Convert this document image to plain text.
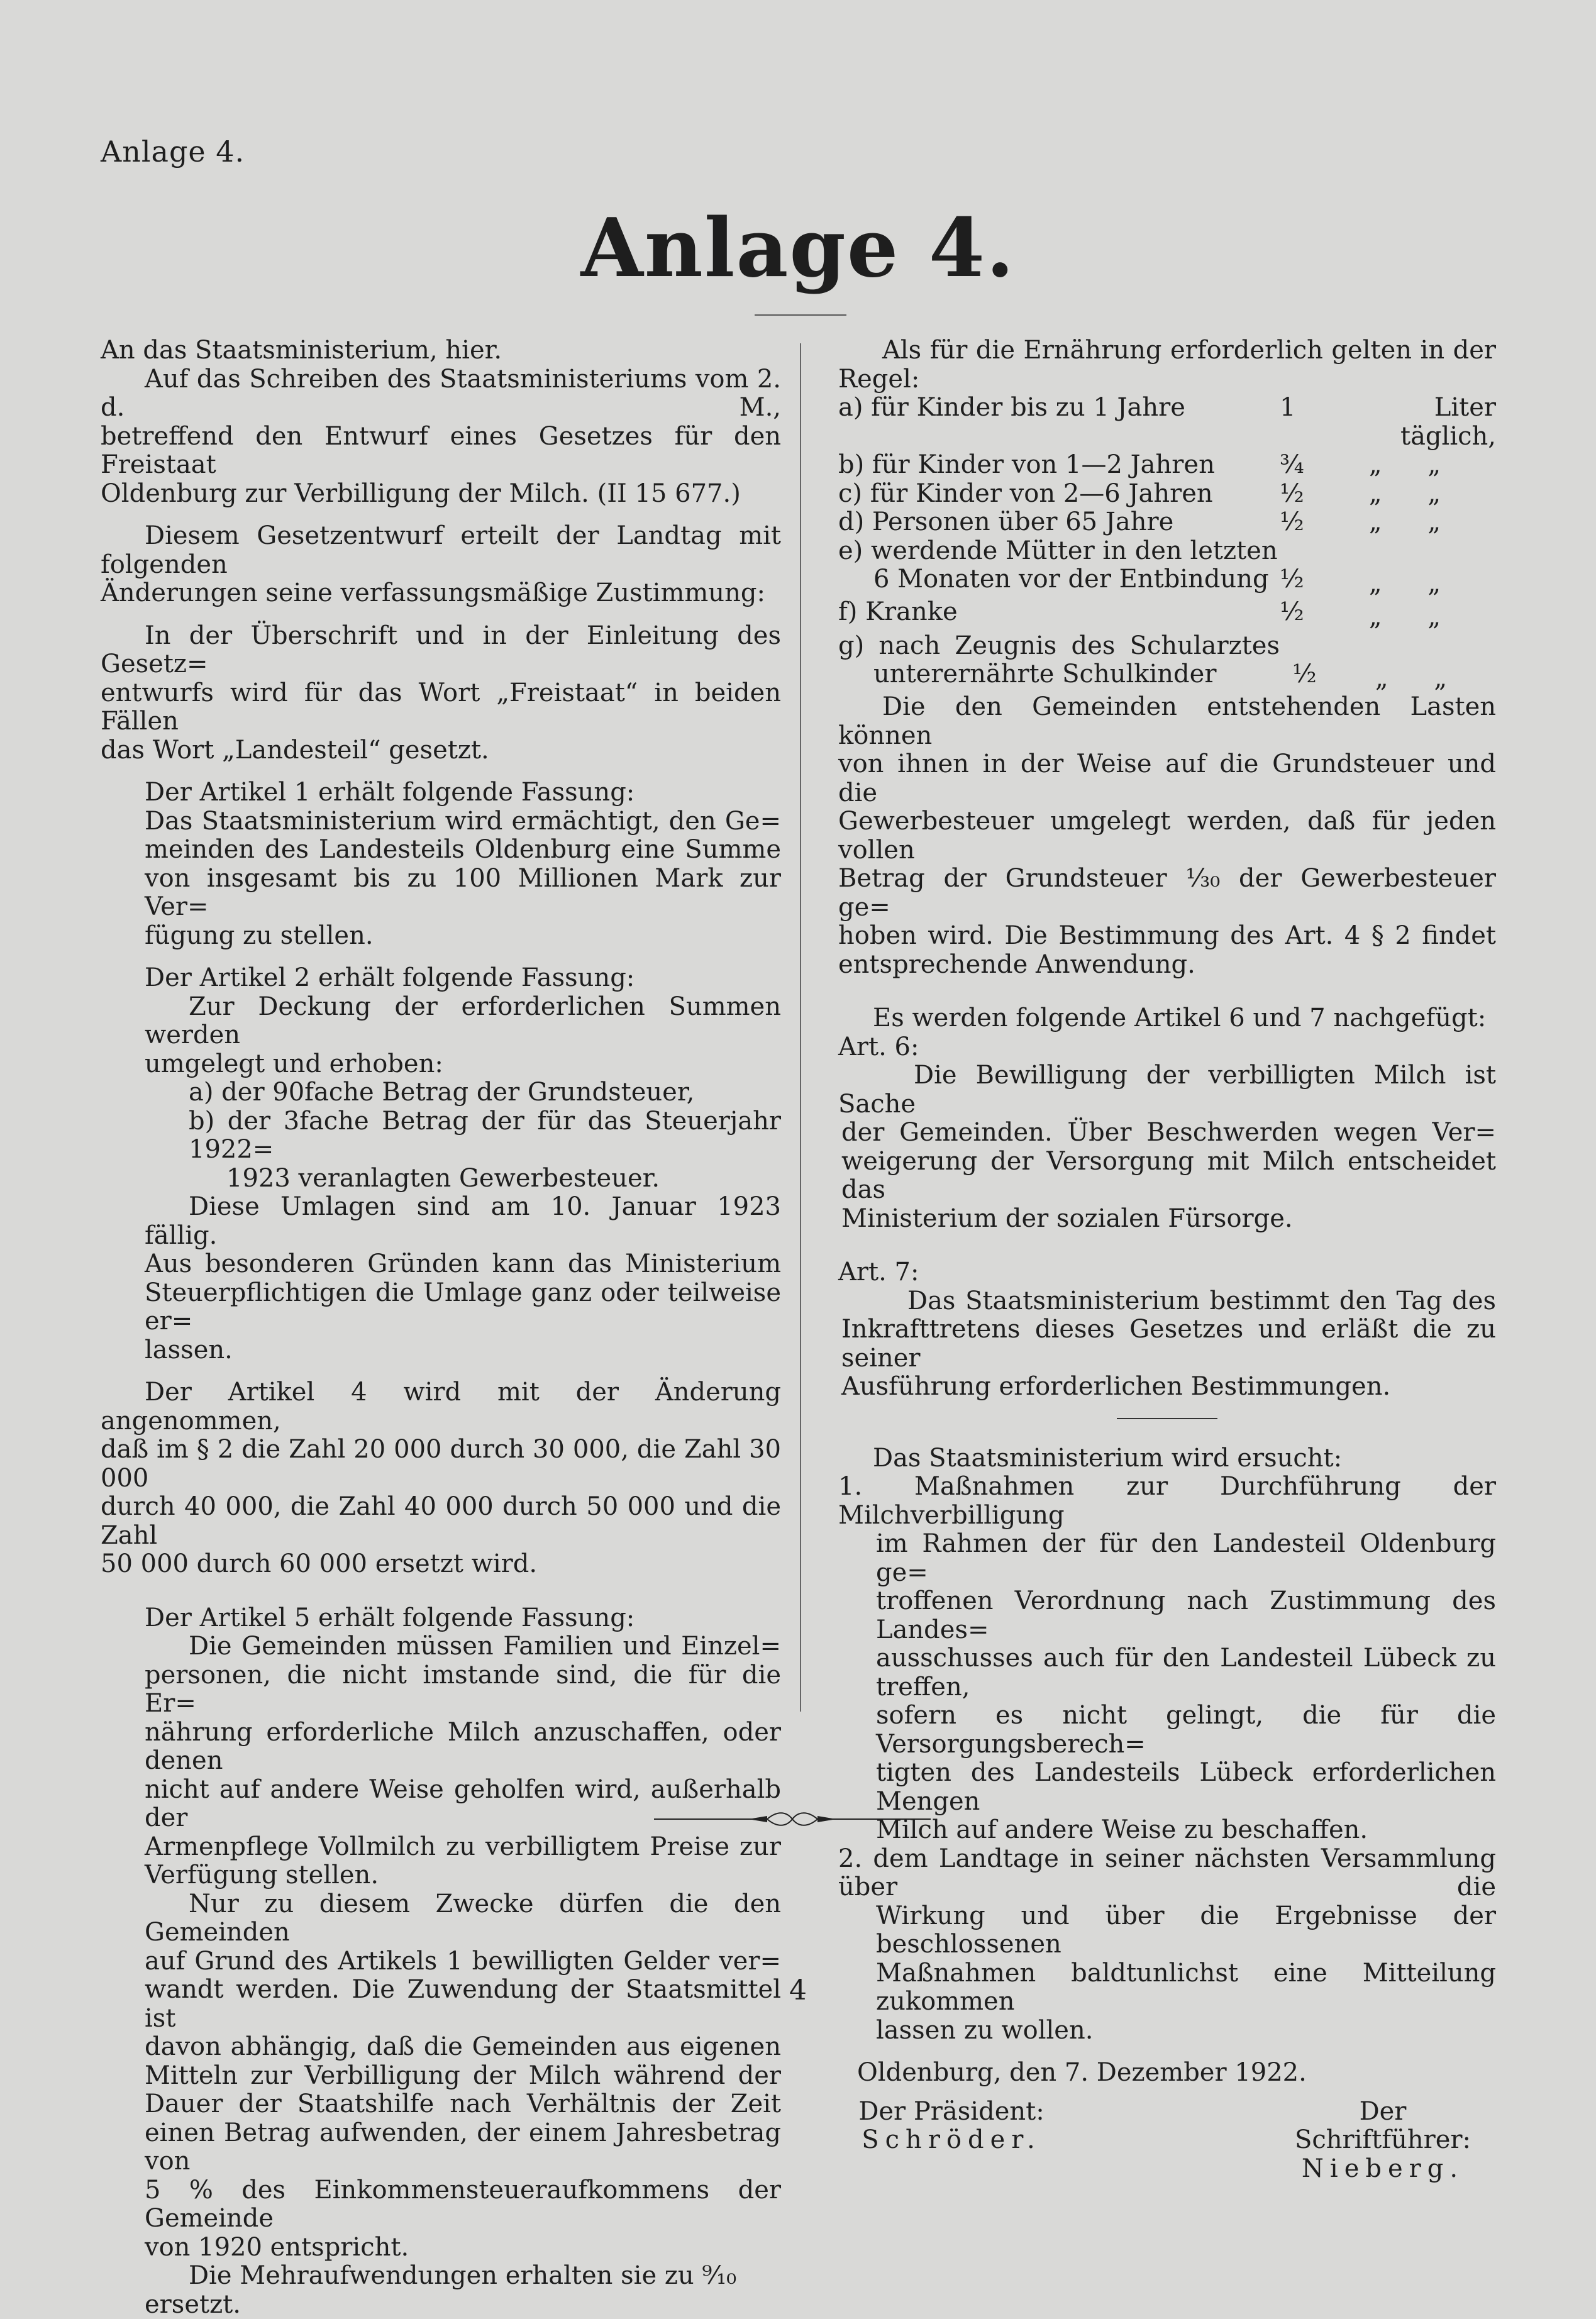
Anlage 4.
Anlage 4.

An das Staatsministerium, hier.

Auf das Schreiben des Staatsministeriums vom 2. d. M.,

betreffend den Entwurf eines Gesetzes für den Freistaat

Oldenburg zur Verbilligung der Milch. (II 15 677.)

Diesem Gesetzentwurf erteilt der Landtag mit folgenden

Änderungen seine verfassungsmäßige Zustimmung:

In der Überschrift und in der Einleitung des Gesetz=

entwurfs wird für das Wort „Freistaat“ in beiden Fällen

das Wort „Landesteil“ gesetzt.

Der Artikel 1 erhält folgende Fassung:

Das Staatsministerium wird ermächtigt, den Ge=

meinden des Landesteils Oldenburg eine Summe

von insgesamt bis zu 100 Millionen Mark zur Ver=

fügung zu stellen.

Der Artikel 2 erhält folgende Fassung:

Zur Deckung der erforderlichen Summen werden

umgelegt und erhoben:

a) der 90fache Betrag der Grundsteuer,

b) der 3fache Betrag der für das Steuerjahr 1922=

1923 veranlagten Gewerbesteuer.

Diese Umlagen sind am 10. Januar 1923 fällig.

Aus besonderen Gründen kann das Ministerium

Steuerpflichtigen die Umlage ganz oder teilweise er=

lassen.

Der Artikel 4 wird mit der Änderung angenommen,

daß im § 2 die Zahl 20 000 durch 30 000, die Zahl 30 000

durch 40 000, die Zahl 40 000 durch 50 000 und die Zahl

50 000 durch 60 000 ersetzt wird.

Der Artikel 5 erhält folgende Fassung:

Die Gemeinden müssen Familien und Einzel=

personen, die nicht imstande sind, die für die Er=

nährung erforderliche Milch anzuschaffen, oder denen

nicht auf andere Weise geholfen wird, außerhalb der

Armenpflege Vollmilch zu verbilligtem Preise zur

Verfügung stellen.

Nur zu diesem Zwecke dürfen die den Gemeinden

auf Grund des Artikels 1 bewilligten Gelder ver=

wandt werden. Die Zuwendung der Staatsmittel ist

davon abhängig, daß die Gemeinden aus eigenen

Mitteln zur Verbilligung der Milch während der

Dauer der Staatshilfe nach Verhältnis der Zeit

einen Betrag aufwenden, der einem Jahresbetrag von

5 % des Einkommensteueraufkommens der Gemeinde

von 1920 entspricht.

Die Mehraufwendungen erhalten sie zu ⁹⁄₁₀ ersetzt.

Als für die Ernährung erforderlich gelten in der

Regel:

a) für Kinder bis zu 1 Jahre	1	Liter täglich,
b) für Kinder von 1—2 Jahren	¾	„ „
c) für Kinder von 2—6 Jahren	½	„ „
d) Personen über 65 Jahre	½	„ „
e) werdende Mütter in den letzten
6 Monaten vor der Entbindung ½	„ „
f) Kranke	½	„ „
g) nach Zeugnis des Schularztes
unterernährte Schulkinder	½	„ „

Die den Gemeinden entstehenden Lasten können

von ihnen in der Weise auf die Grundsteuer und die

Gewerbesteuer umgelegt werden, daß für jeden vollen

Betrag der Grundsteuer ¹⁄₃₀ der Gewerbesteuer ge=

hoben wird. Die Bestimmung des Art. 4 § 2 findet

entsprechende Anwendung.

Es werden folgende Artikel 6 und 7 nachgefügt:

Art. 6:

Die Bewilligung der verbilligten Milch ist Sache

der Gemeinden. Über Beschwerden wegen Ver=

weigerung der Versorgung mit Milch entscheidet das

Ministerium der sozialen Fürsorge.

Art. 7:

Das Staatsministerium bestimmt den Tag des

Inkrafttretens dieses Gesetzes und erläßt die zu seiner

Ausführung erforderlichen Bestimmungen.

Das Staatsministerium wird ersucht:

1. Maßnahmen zur Durchführung der Milchverbilligung

im Rahmen der für den Landesteil Oldenburg ge=

troffenen Verordnung nach Zustimmung des Landes=

ausschusses auch für den Landesteil Lübeck zu treffen,

sofern es nicht gelingt, die für die Versorgungsberech=

tigten des Landesteils Lübeck erforderlichen Mengen

Milch auf andere Weise zu beschaffen.

2. dem Landtage in seiner nächsten Versammlung über die

Wirkung und über die Ergebnisse der beschlossenen

Maßnahmen baldtunlichst eine Mitteilung zukommen

lassen zu wollen.

Oldenburg, den 7. Dezember 1922.

Der Präsident:

Schröder.

Der Schriftführer:

Nieberg.

4
